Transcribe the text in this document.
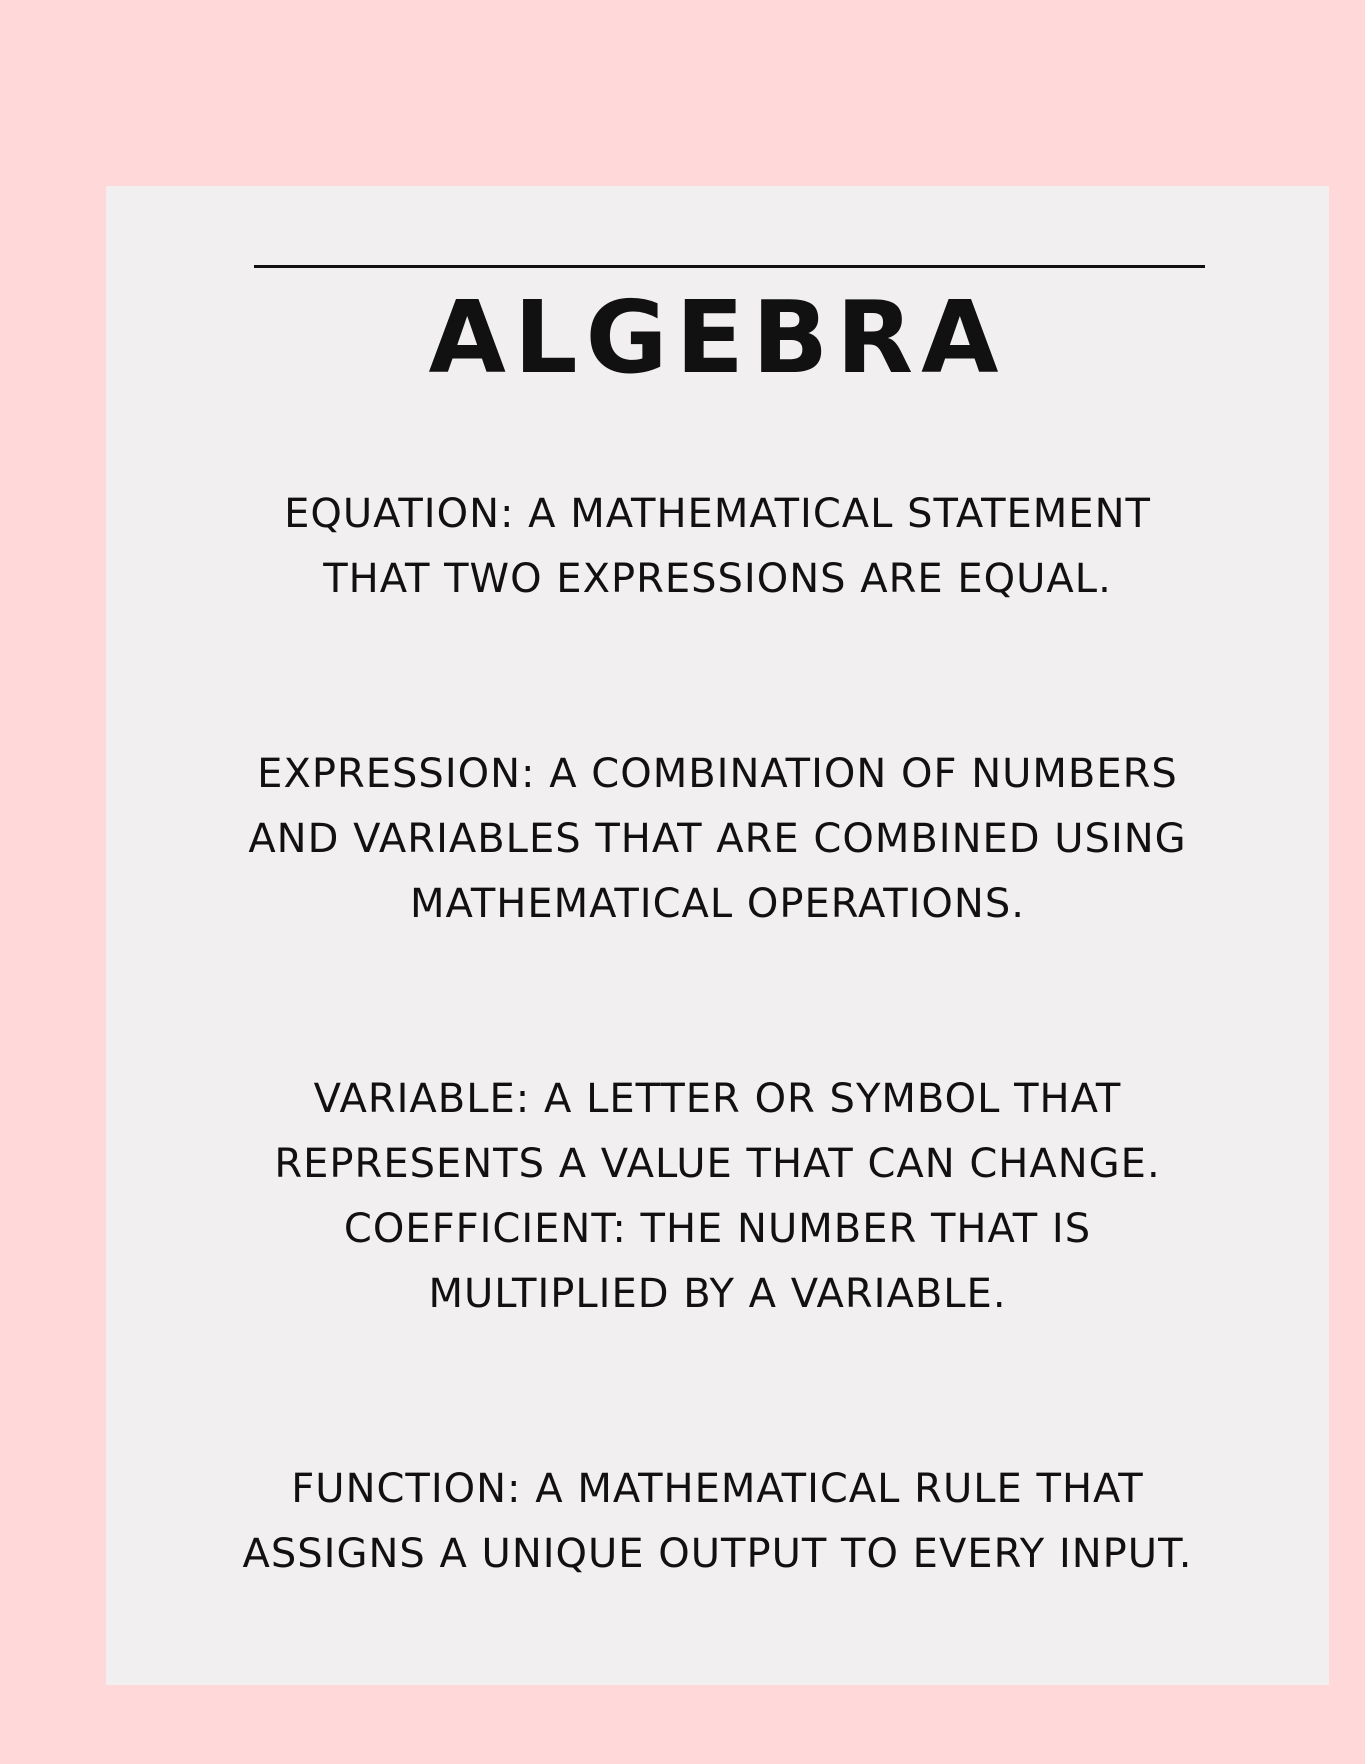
ALGEBRA

EQUATION: A MATHEMATICAL STATEMENT
THAT TWO EXPRESSIONS ARE EQUAL.

EXPRESSION: A COMBINATION OF NUMBERS
AND VARIABLES THAT ARE COMBINED USING
MATHEMATICAL OPERATIONS.

VARIABLE: A LETTER OR SYMBOL THAT
REPRESENTS A VALUE THAT CAN CHANGE.
COEFFICIENT: THE NUMBER THAT IS
MULTIPLIED BY A VARIABLE.

FUNCTION: A MATHEMATICAL RULE THAT
ASSIGNS A UNIQUE OUTPUT TO EVERY INPUT.
